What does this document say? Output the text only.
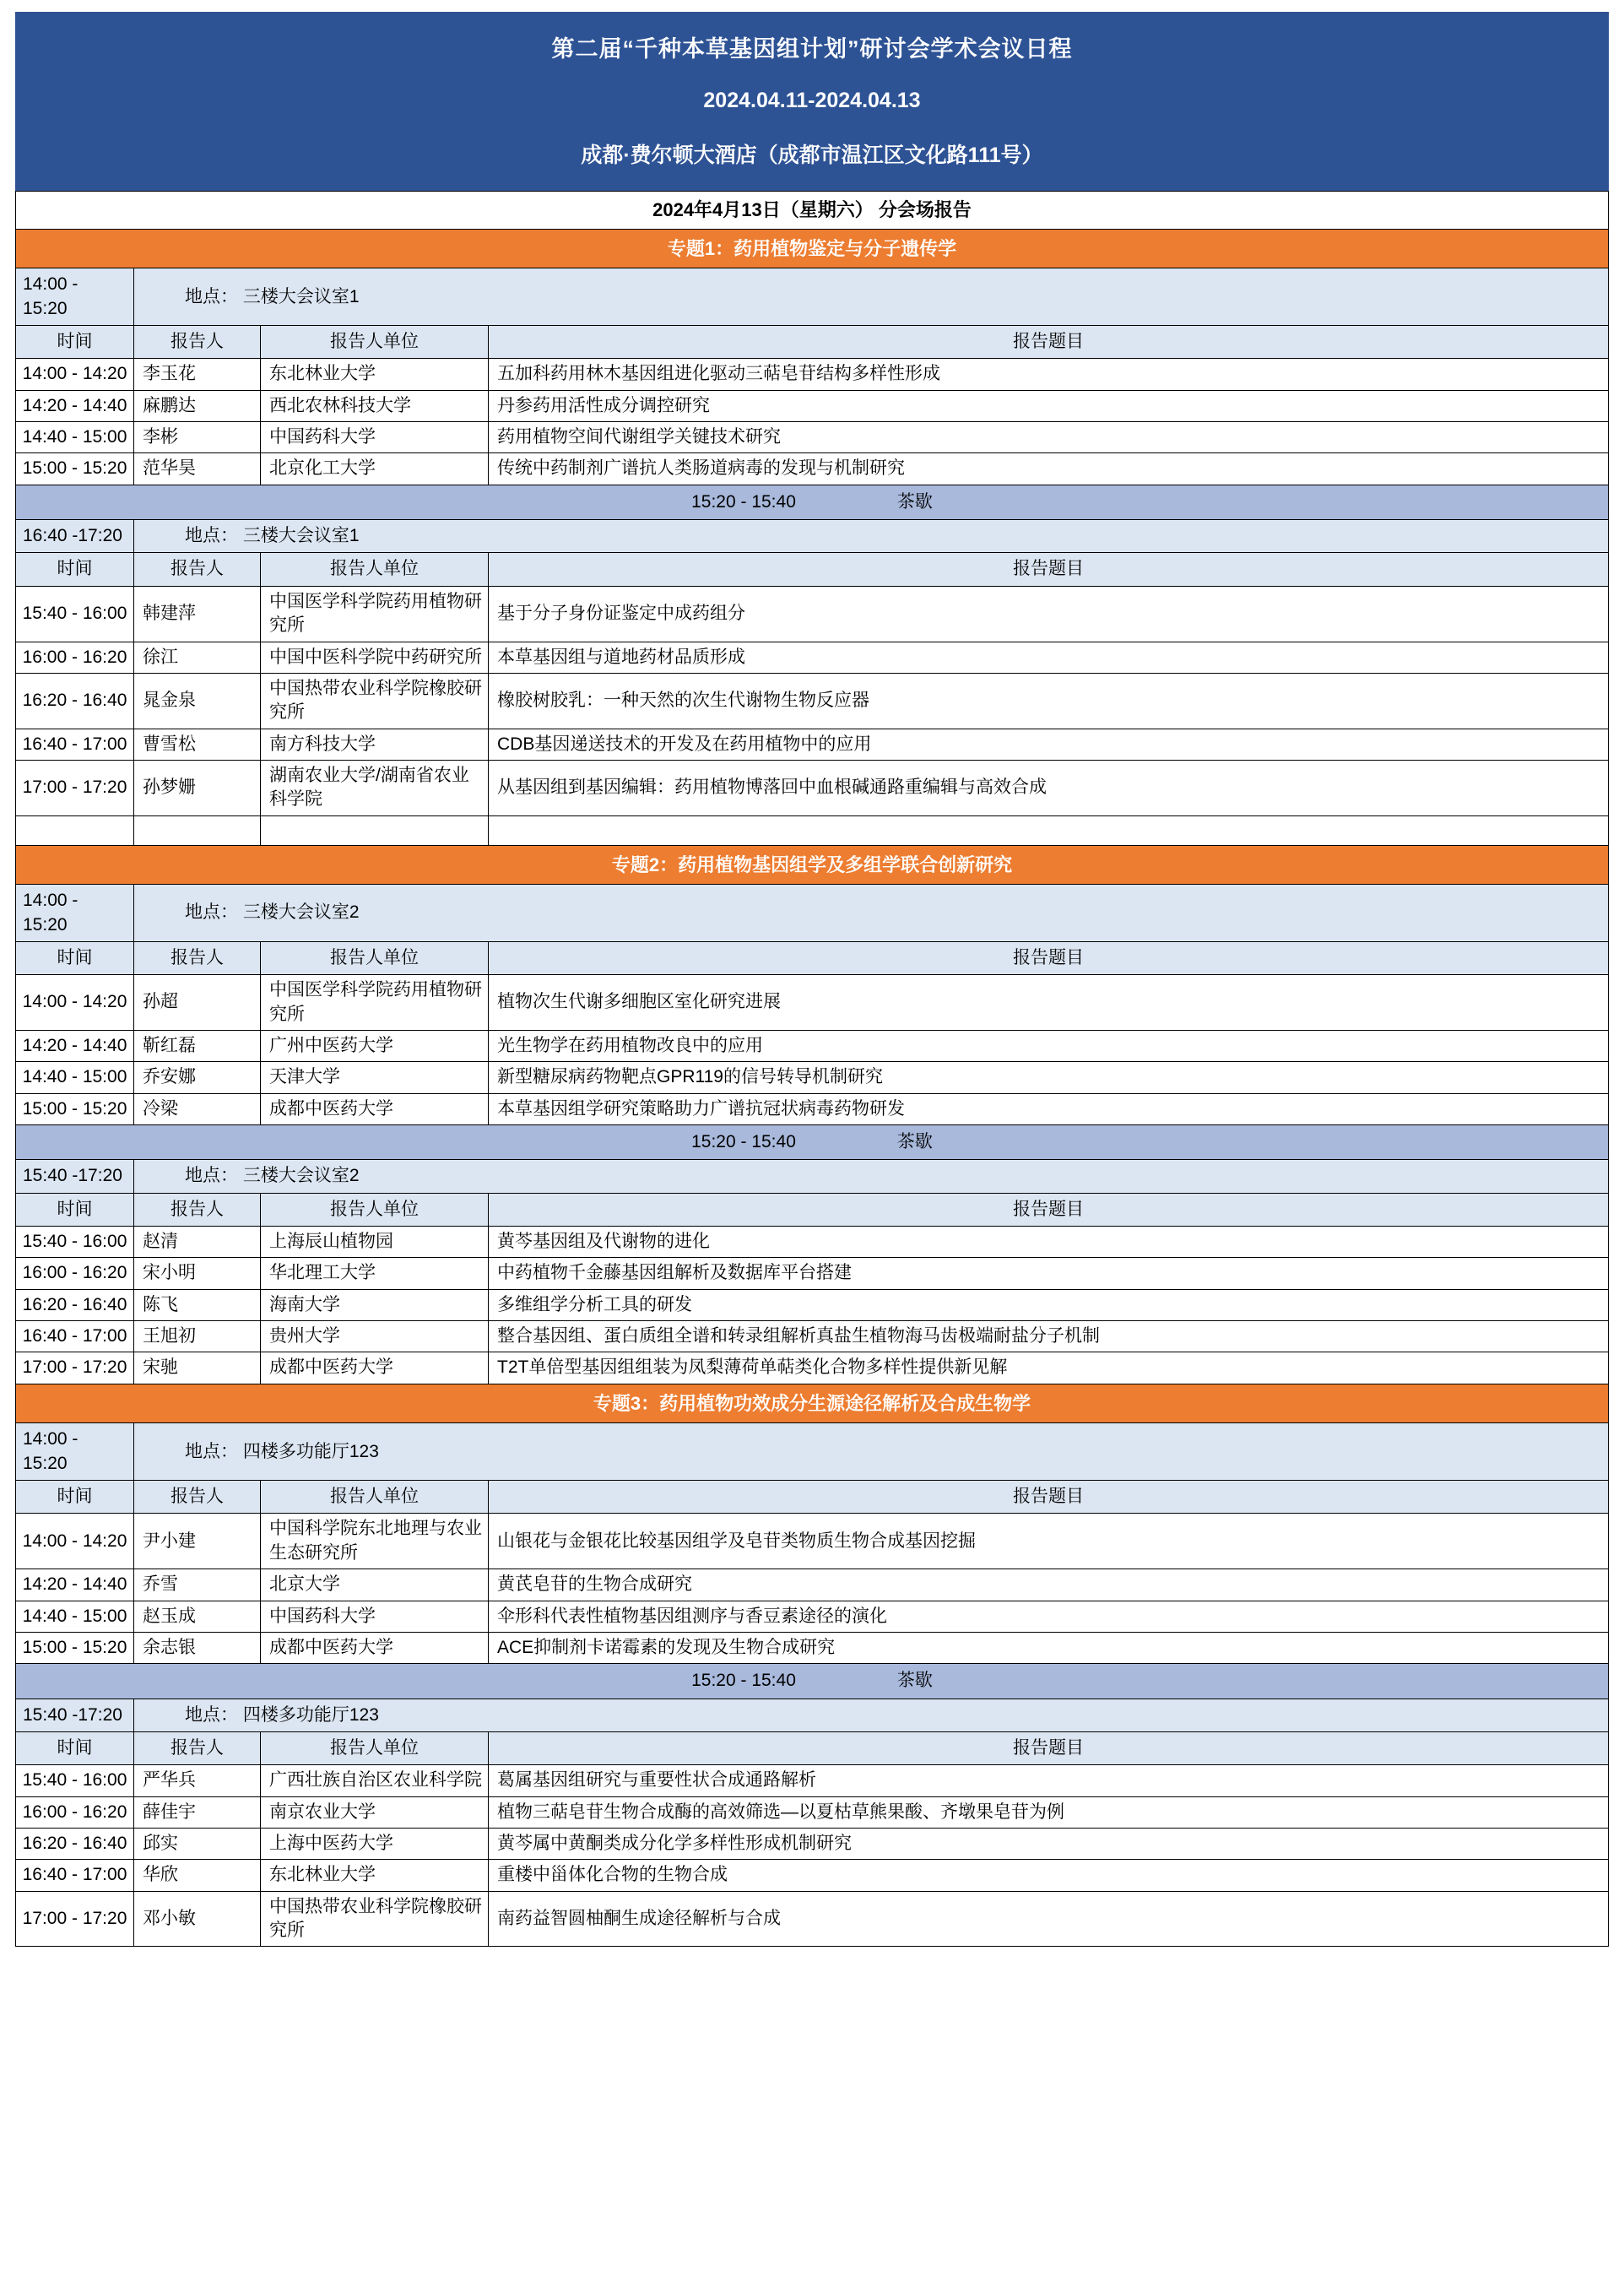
第二届“千种本草基因组计划”研讨会学术会议日程
2024.04.11-2024.04.13
成都·费尔顿大酒店（成都市温江区文化路111号）
2024年4月13日（星期六） 分会场报告			
专题1：药用植物鉴定与分子遗传学			
14:00 - 15:20	地点： 三楼大会议室1		
时间	报告人	报告人单位	报告题目
14:00 - 14:20	李玉花	东北林业大学	五加科药用林木基因组进化驱动三萜皂苷结构多样性形成
14:20 - 14:40	麻鹏达	西北农林科技大学	丹参药用活性成分调控研究
14:40 - 15:00	李彬	中国药科大学	药用植物空间代谢组学关键技术研究
15:00 - 15:20	范华昊	北京化工大学	传统中药制剂广谱抗人类肠道病毒的发现与机制研究
15:20 - 15:40 茶歇			
16:40 -17:20	地点： 三楼大会议室1		
时间	报告人	报告人单位	报告题目
15:40 - 16:00	韩建萍	中国医学科学院药用植物研究所	基于分子身份证鉴定中成药组分
16:00 - 16:20	徐江	中国中医科学院中药研究所	本草基因组与道地药材品质形成
16:20 - 16:40	晁金泉	中国热带农业科学院橡胶研究所	橡胶树胶乳：一种天然的次生代谢物生物反应器
16:40 - 17:00	曹雪松	南方科技大学	CDB基因递送技术的开发及在药用植物中的应用
17:00 - 17:20	孙梦姗	湖南农业大学/湖南省农业科学院	从基因组到基因编辑：药用植物博落回中血根碱通路重编辑与高效合成

专题2：药用植物基因组学及多组学联合创新研究			
14:00 - 15:20	地点： 三楼大会议室2		
时间	报告人	报告人单位	报告题目
14:00 - 14:20	孙超	中国医学科学院药用植物研究所	植物次生代谢多细胞区室化研究进展
14:20 - 14:40	靳红磊	广州中医药大学	光生物学在药用植物改良中的应用
14:40 - 15:00	乔安娜	天津大学	新型糖尿病药物靶点GPR119的信号转导机制研究
15:00 - 15:20	冷梁	成都中医药大学	本草基因组学研究策略助力广谱抗冠状病毒药物研发
15:20 - 15:40 茶歇			
15:40 -17:20	地点： 三楼大会议室2		
时间	报告人	报告人单位	报告题目
15:40 - 16:00	赵清	上海辰山植物园	黄芩基因组及代谢物的进化
16:00 - 16:20	宋小明	华北理工大学	中药植物千金藤基因组解析及数据库平台搭建
16:20 - 16:40	陈飞	海南大学	多维组学分析工具的研发
16:40 - 17:00	王旭初	贵州大学	整合基因组、蛋白质组全谱和转录组解析真盐生植物海马齿极端耐盐分子机制
17:00 - 17:20	宋驰	成都中医药大学	T2T单倍型基因组组装为凤梨薄荷单萜类化合物多样性提供新见解
专题3：药用植物功效成分生源途径解析及合成生物学			
14:00 - 15:20	地点： 四楼多功能厅123		
时间	报告人	报告人单位	报告题目
14:00 - 14:20	尹小建	中国科学院东北地理与农业生态研究所	山银花与金银花比较基因组学及皂苷类物质生物合成基因挖掘
14:20 - 14:40	乔雪	北京大学	黄芪皂苷的生物合成研究
14:40 - 15:00	赵玉成	中国药科大学	伞形科代表性植物基因组测序与香豆素途径的演化
15:00 - 15:20	余志银	成都中医药大学	ACE抑制剂卡诺霉素的发现及生物合成研究
15:20 - 15:40 茶歇			
15:40 -17:20	地点： 四楼多功能厅123		
时间	报告人	报告人单位	报告题目
15:40 - 16:00	严华兵	广西壮族自治区农业科学院	葛属基因组研究与重要性状合成通路解析
16:00 - 16:20	薛佳宇	南京农业大学	植物三萜皂苷生物合成酶的高效筛选—以夏枯草熊果酸、齐墩果皂苷为例
16:20 - 16:40	邱实	上海中医药大学	黄芩属中黄酮类成分化学多样性形成机制研究
16:40 - 17:00	华欣	东北林业大学	重楼中甾体化合物的生物合成
17:00 - 17:20	邓小敏	中国热带农业科学院橡胶研究所	南药益智圆柚酮生成途径解析与合成
